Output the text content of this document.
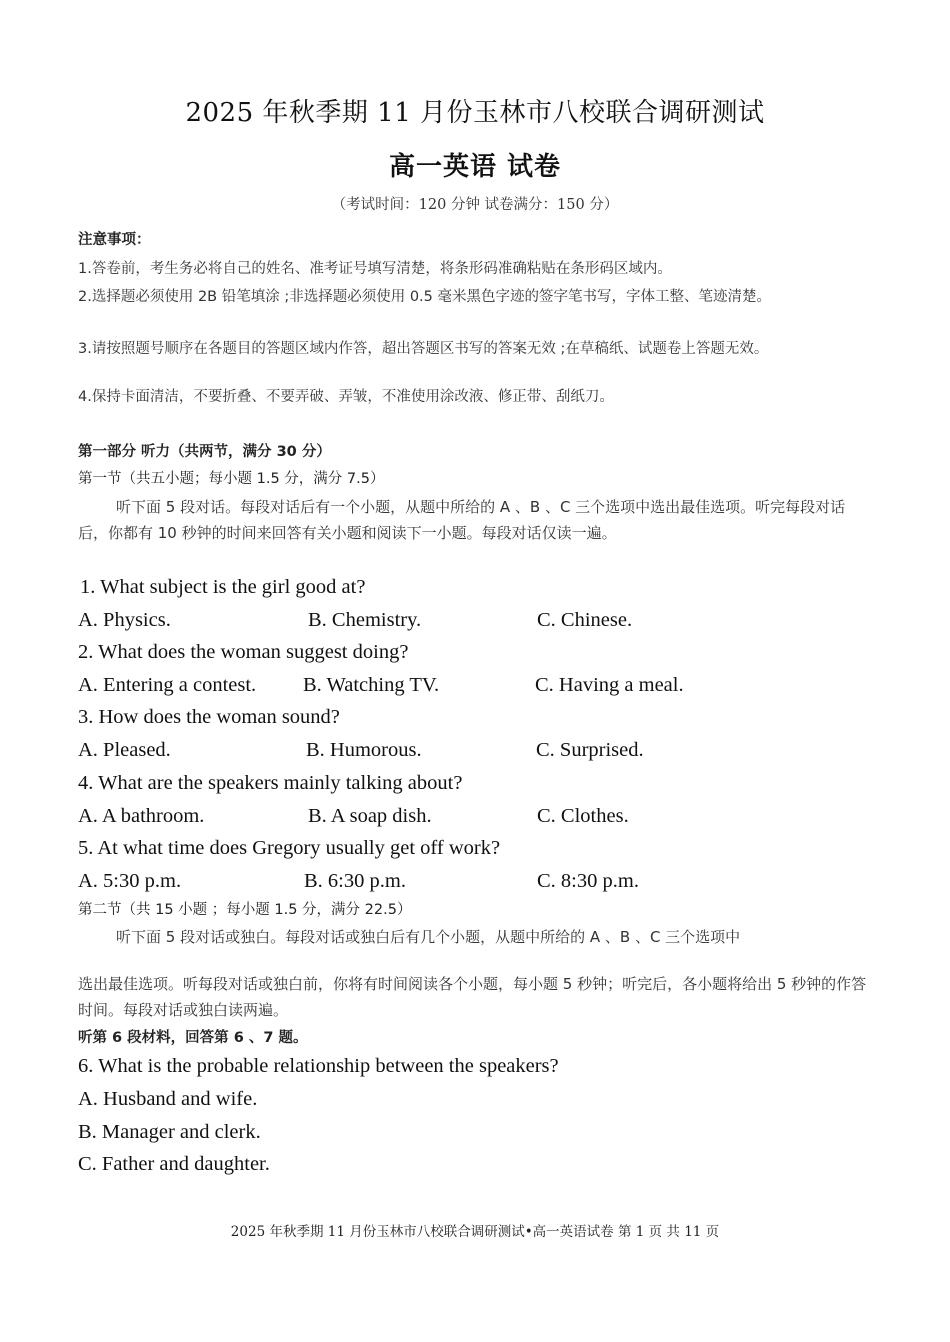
2025 年秋季期 11 月份玉林市八校联合调研测试
高一英语 试卷
（考试时间：120 分钟 试卷满分：150 分）
注意事项：
1.答卷前，考生务必将自己的姓名、准考证号填写清楚，将条形码准确粘贴在条形码区域内。
2.选择题必须使用 2B 铅笔填涂 ;非选择题必须使用 0.5 毫米黑色字迹的签字笔书写，字体工整、笔迹清楚。
3.请按照题号顺序在各题目的答题区域内作答，超出答题区书写的答案无效 ;在草稿纸、试题卷上答题无效。
4.保持卡面清洁，不要折叠、不要弄破、弄皱，不准使用涂改液、修正带、刮纸刀。
第一部分 听力（共两节，满分 30 分）
第一节（共五小题；每小题 1.5 分，满分 7.5）
听下面 5 段对话。每段对话后有一个小题，从题中所给的 A 、B 、C 三个选项中选出最佳选项。听完每段对话后，你都有 10 秒钟的时间来回答有关小题和阅读下一小题。每段对话仅读一遍。
1. What subject is the girl good at?
A. Physics.	B. Chemistry.	C. Chinese.
2. What does the woman suggest doing?
A. Entering a contest. B. Watching TV.	C. Having a meal.
3. How does the woman sound?
A. Pleased.	B. Humorous.	C. Surprised.
4. What are the speakers mainly talking about?
A. A bathroom.	B. A soap dish.	C. Clothes.
5. At what time does Gregory usually get off work?
A. 5:30 p.m.	B. 6:30 p.m.	C. 8:30 p.m.
第二节（共 15 小题 ；每小题 1.5 分，满分 22.5）
听下面 5 段对话或独白。每段对话或独白后有几个小题，从题中所给的 A 、B 、C 三个选项中
选出最佳选项。听每段对话或独白前，你将有时间阅读各个小题，每小题 5 秒钟；听完后，各小题将给出 5 秒钟的作答时间。每段对话或独白读两遍。
听第 6 段材料，回答第 6 、7 题。
6. What is the probable relationship between the speakers?
A. Husband and wife.
B. Manager and clerk.
C. Father and daughter.
2025 年秋季期 11 月份玉林市八校联合调研测试•高一英语试卷 第 1 页 共 11 页
